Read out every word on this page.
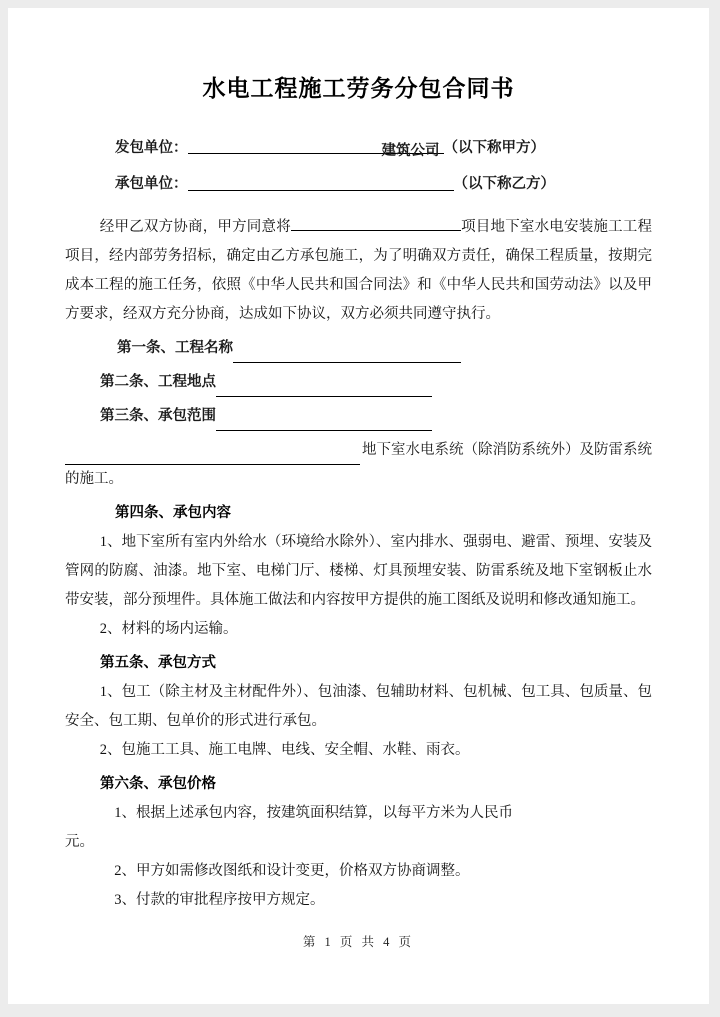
水电工程施工劳务分包合同书
发包单位：	建筑公司 （以下称甲方）
承包单位：	（以下称乙方）

经甲乙双方协商，甲方同意将	项目地下室水电安装施工工程项目，经内部劳务招标，确定由乙方承包施工，为了明确双方责任，确保工程质量，按期完成本工程的施工任务，依照《中华人民共和国合同法》和《中华人民共和国劳动法》以及甲方要求，经双方充分协商，达成如下协议，双方必须共同遵守执行。

第一条、工程名称
第二条、工程地点
第三条、承包范围
地下室水电系统（除消防系统外）及防雷系统
的施工。
第四条、承包内容

1、地下室所有室内外给水（环境给水除外）、室内排水、强弱电、避雷、预埋、安装及管网的防腐、油漆。地下室、电梯门厅、楼梯、灯具预埋安装、防雷系统及地下室钢板止水带安装，部分预埋件。具体施工做法和内容按甲方提供的施工图纸及说明和修改通知施工。

2、材料的场内运输。

第五条、承包方式

1、包工（除主材及主材配件外）、包油漆、包辅助材料、包机械、包工具、包质量、包安全、包工期、包单价的形式进行承包。

2、包施工工具、施工电牌、电线、安全帽、水鞋、雨衣。

第六条、承包价格

1、根据上述承包内容，按建筑面积结算，以每平方米为人民币

元。

2、甲方如需修改图纸和设计变更，价格双方协商调整。

3、付款的审批程序按甲方规定。

第 1 页 共 4 页
